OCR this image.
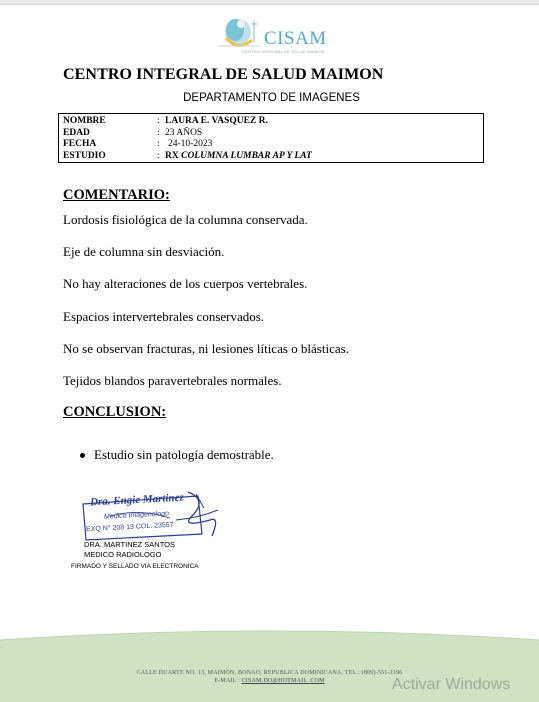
CISAM
CENTRO INTEGRAL DE SALUD MAIMON
CENTRO INTEGRAL DE SALUD MAIMON
DEPARTAMENTO DE IMAGENES
NOMBRE	: LAURA E. VASQUEZ R.
EDAD	: 23 AÑOS
FECHA	: 24-10-2023
ESTUDIO	: RX COLUMNA LUMBAR AP Y LAT
COMENTARIO:
Lordosis fisiológica de la columna conservada.
Eje de columna sin desviación.
No hay alteraciones de los cuerpos vertebrales.
Espacios intervertebrales conservados.
No se observan fracturas, ni lesiones líticas o blásticas.
Tejidos blandos paravertebrales normales.
CONCLUSION:
Estudio sin patología demostrable.
Dra. Engie Martinez
Medico Imagenologo
EXQ N° 208 13 COL. 23557
DRA. MARTINEZ SANTOS
MEDICO RADIOLOGO
FIRMADO Y SELLADO VIA ELECTRONICA
CALLE DUARTE NO. 13, MAIMÓN, BONAO, REPUBLICA DOMINICANA, TEL.: (809)-551-2196
E-MAIL : CISAM.DO@HOTMAIL .COM	Activar Windows
